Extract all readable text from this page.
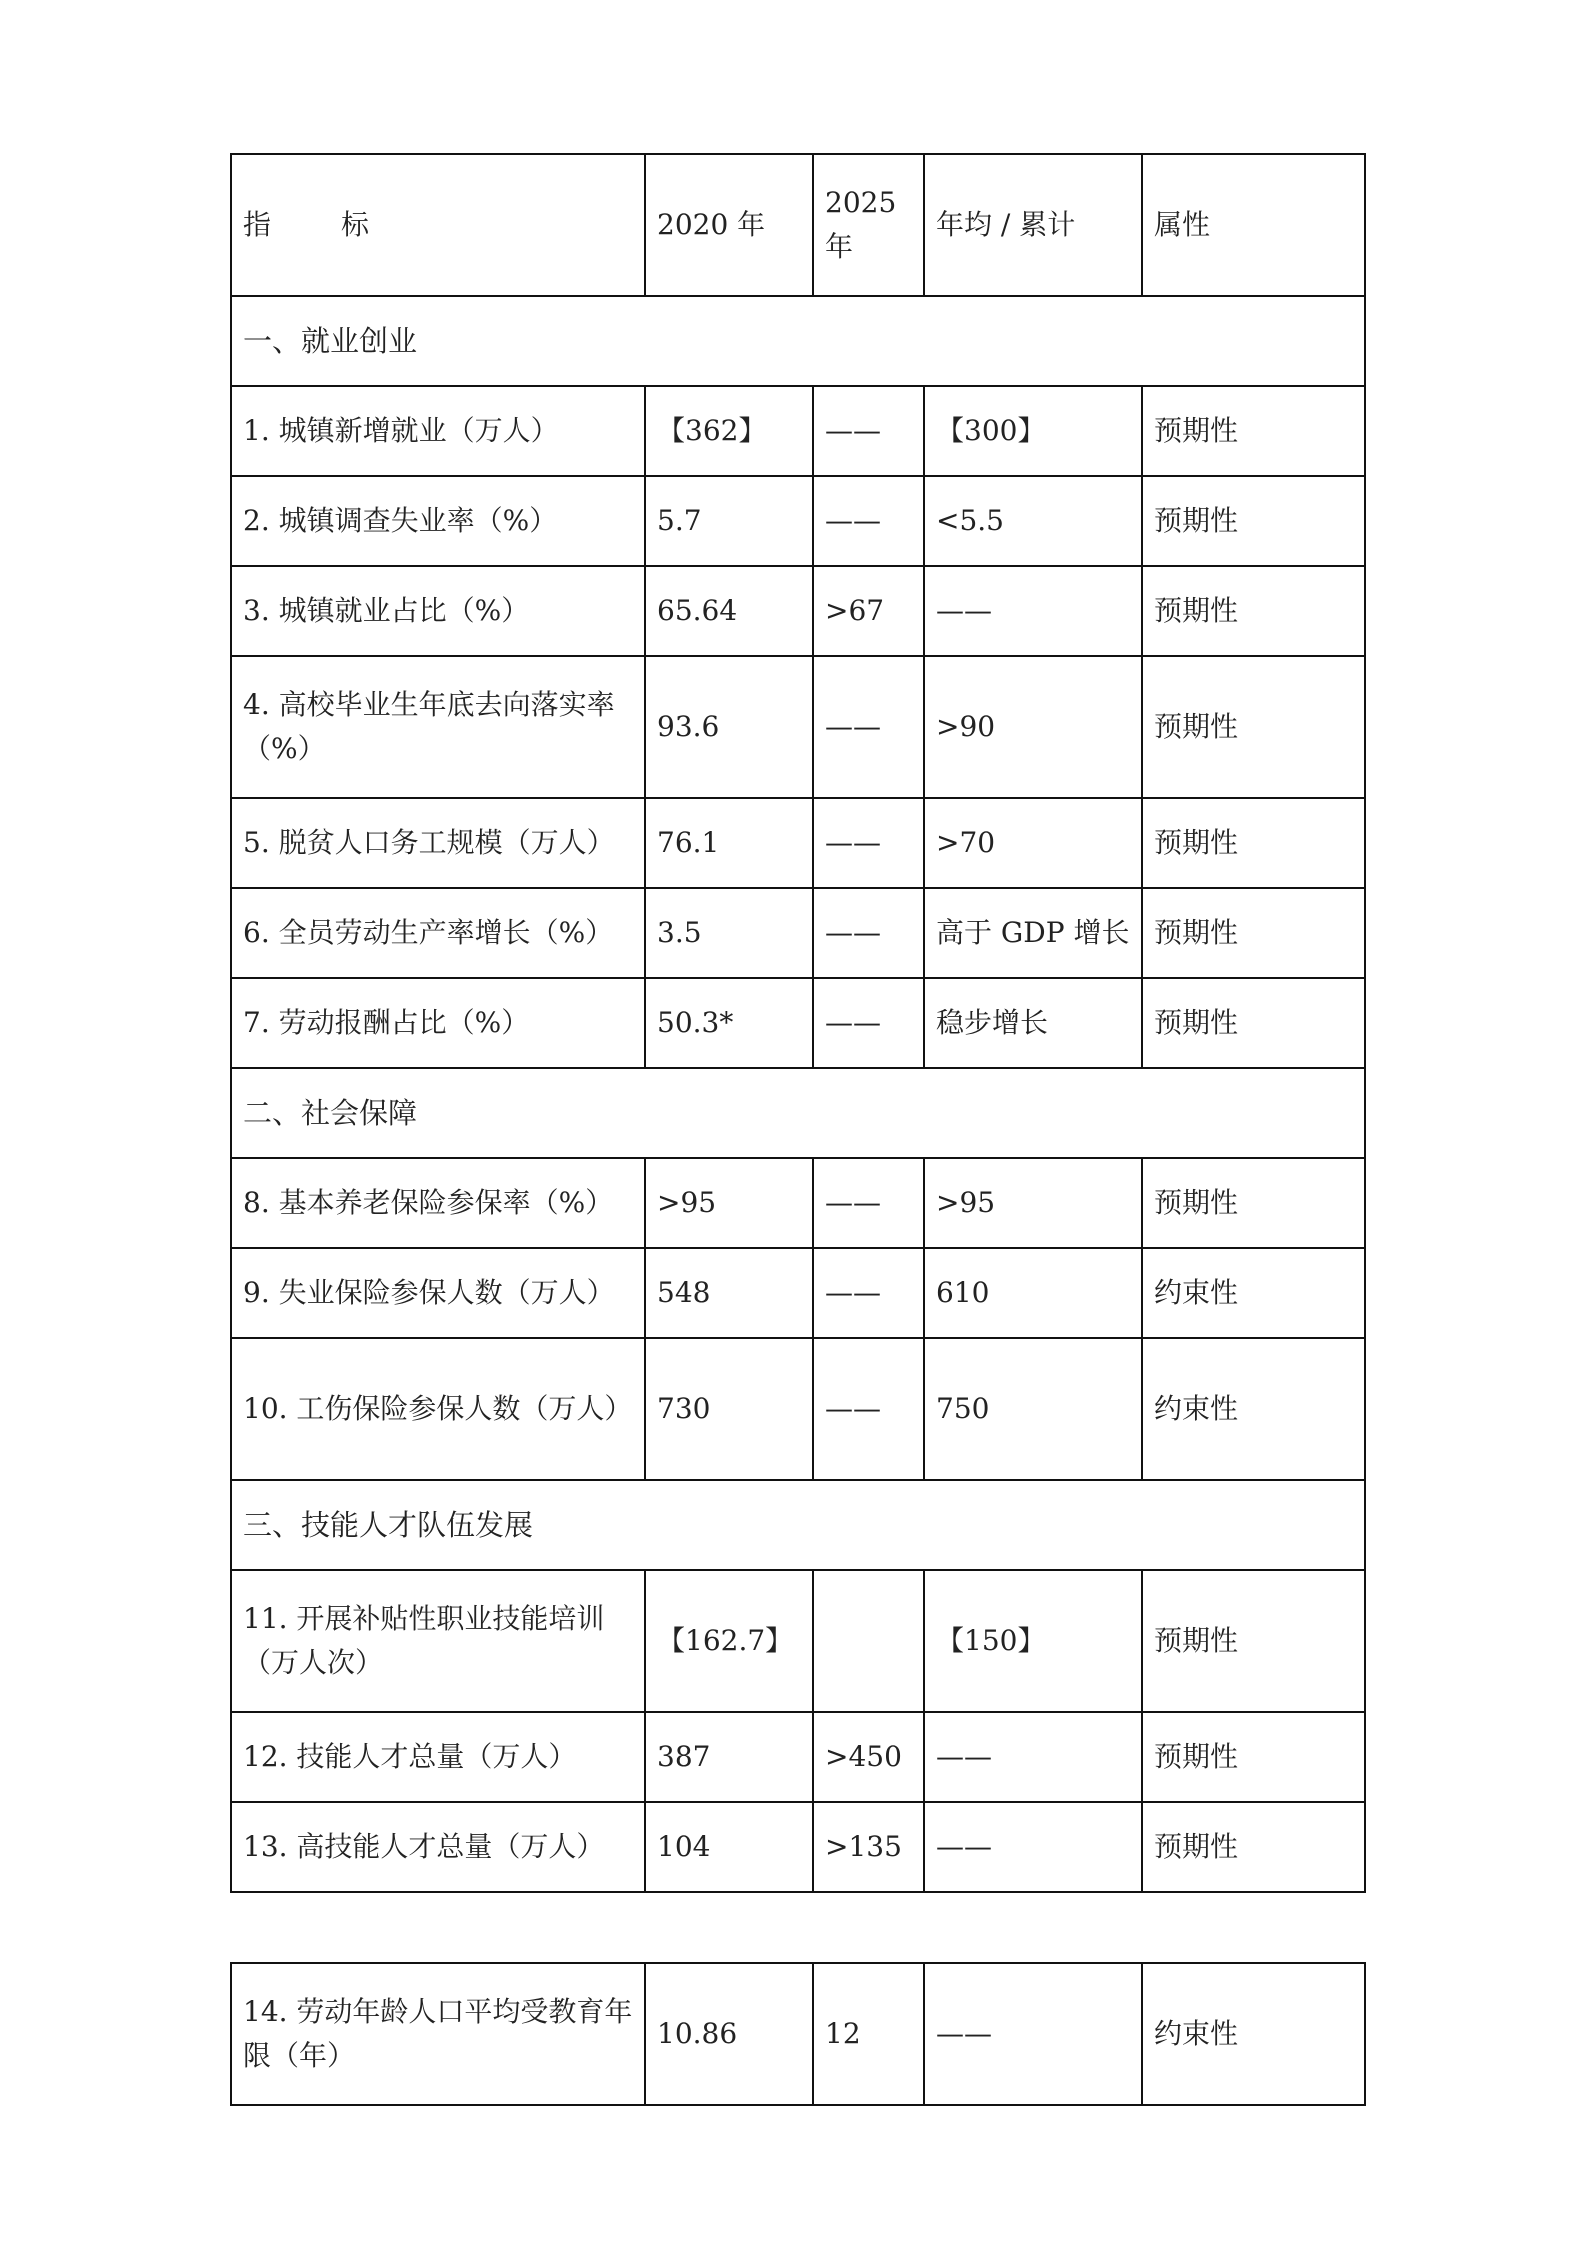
指 标	2020 年	2025 年	年均 / 累计	属性
一、就业创业				
1. 城镇新增就业（万人）	【362】	——	【300】	预期性
2. 城镇调查失业率（%）	5.7	——	<5.5	预期性
3. 城镇就业占比（%）	65.64	>67	——	预期性
4. 高校毕业生年底去向落实率（%）	93.6	——	>90	预期性
5. 脱贫人口务工规模（万人）	76.1	——	>70	预期性
6. 全员劳动生产率增长（%）	3.5	——	高于 GDP 增长	预期性
7. 劳动报酬占比（%）	50.3*	——	稳步增长	预期性
二、社会保障				
8. 基本养老保险参保率（%）	>95	——	>95	预期性
9. 失业保险参保人数（万人）	548	——	610	约束性
10. 工伤保险参保人数（万人）	730	——	750	约束性
三、技能人才队伍发展				
11. 开展补贴性职业技能培训（万人次）	【162.7】		【150】	预期性
12. 技能人才总量（万人）	387	>450	——	预期性
13. 高技能人才总量（万人）	104	>135	——	预期性
14. 劳动年龄人口平均受教育年限（年）	10.86	12	——	约束性
